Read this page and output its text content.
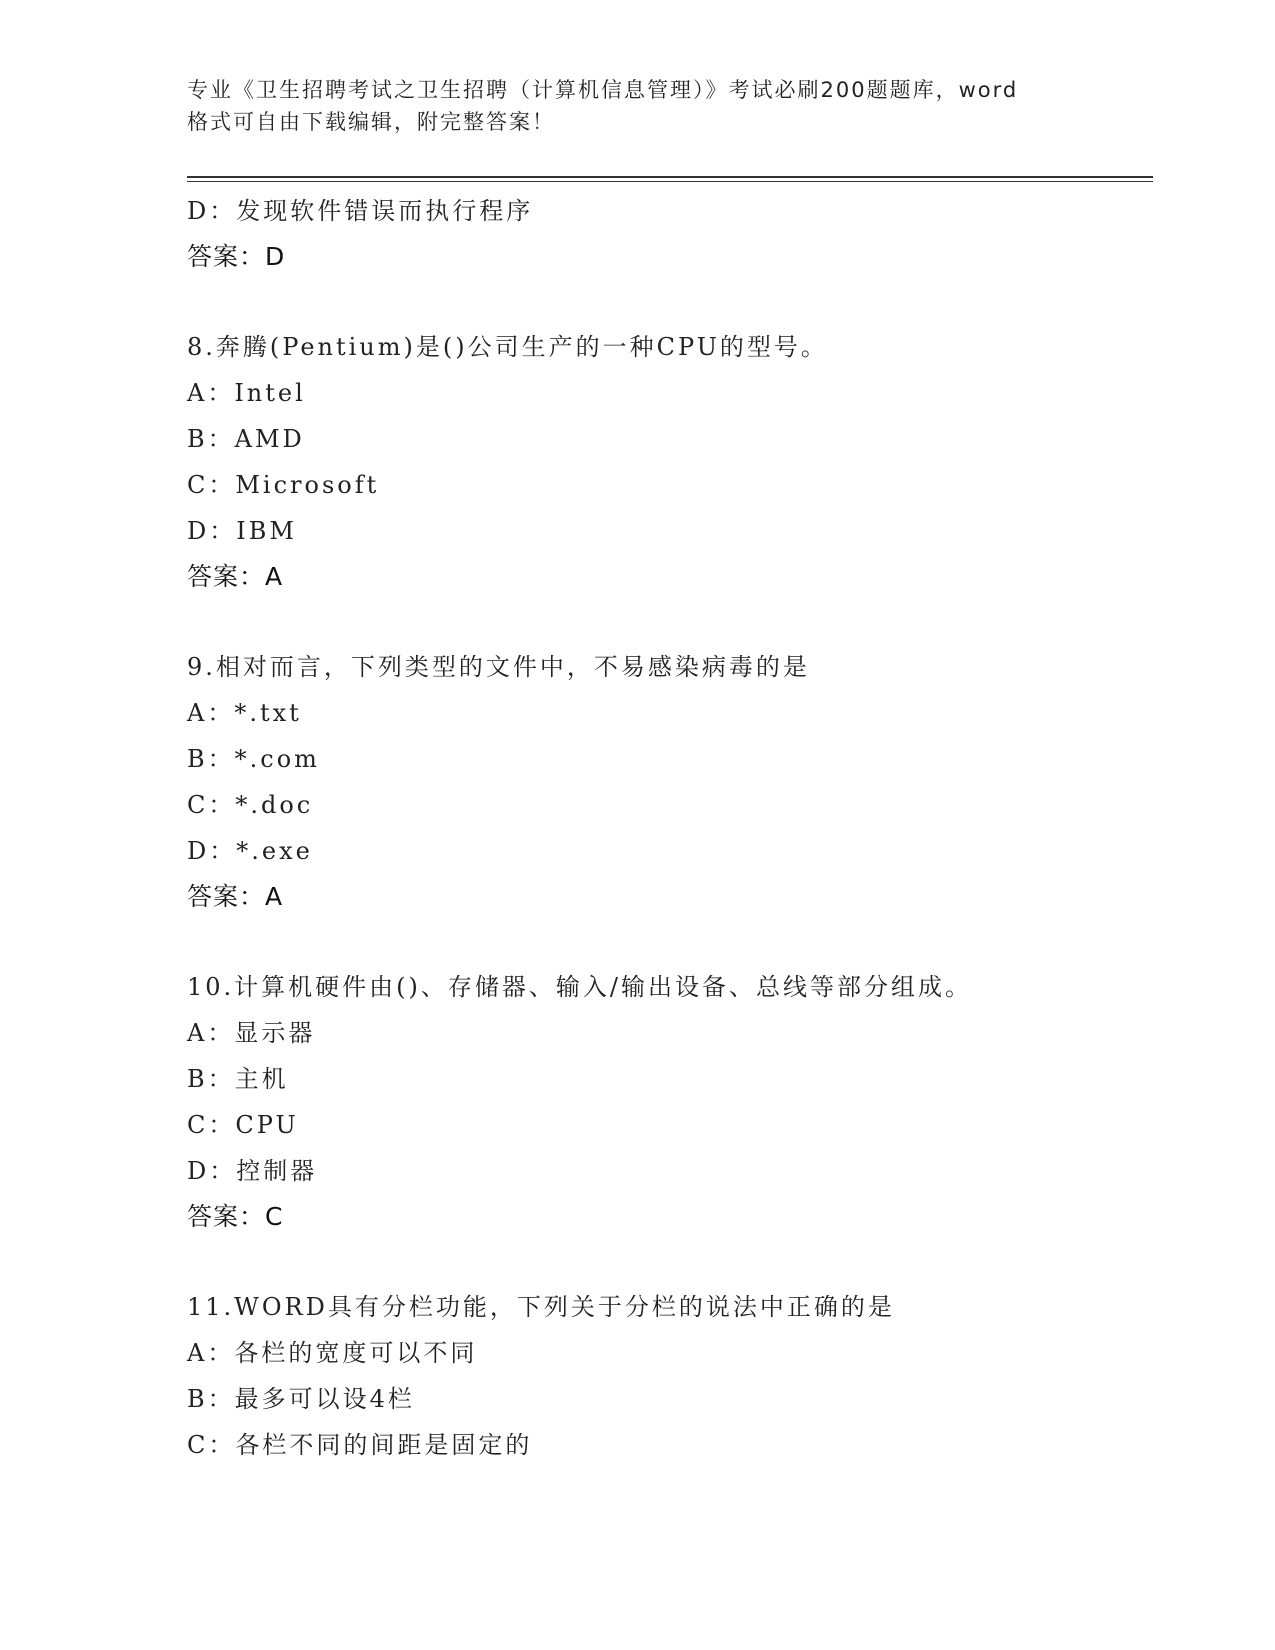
专业《卫生招聘考试之卫生招聘（计算机信息管理）》考试必刷200题题库，word
格式可自由下载编辑，附完整答案！
D：发现软件错误而执行程序
答案：D
8.奔腾(Pentium)是()公司生产的一种CPU的型号。
A：Intel
B：AMD
C：Microsoft
D：IBM
答案：A
9.相对而言，下列类型的文件中，不易感染病毒的是
A：*.txt
B：*.com
C：*.doc
D：*.exe
答案：A
10.计算机硬件由()、存储器、输入/输出设备、总线等部分组成。
A：显示器
B：主机
C：CPU
D：控制器
答案：C
11.WORD具有分栏功能，下列关于分栏的说法中正确的是
A：各栏的宽度可以不同
B：最多可以设4栏
C：各栏不同的间距是固定的
